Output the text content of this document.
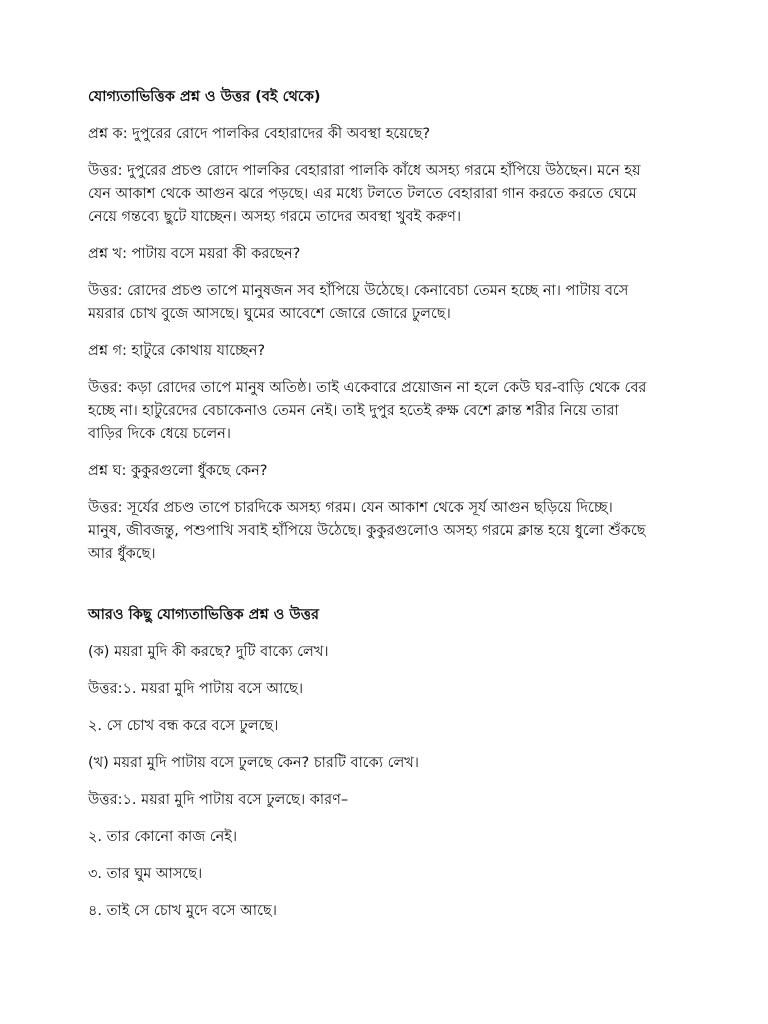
যোগ্যতাভিত্তিক প্রশ্ন ও উত্তর (বই থেকে)

প্রশ্ন ক: দুপুরের রোদে পালকির বেহারাদের কী অবস্থা হয়েছে?

উত্তর: দুপুরের প্রচণ্ড রোদে পালকির বেহারারা পালকি কাঁধে অসহ্য গরমে হাঁপিয়ে উঠছেন। মনে হয়

যেন আকাশ থেকে আগুন ঝরে পড়ছে। এর মধ্যে টলতে টলতে বেহারারা গান করতে করতে ঘেমে

নেয়ে গন্তব্যে ছুটে যাচ্ছেন। অসহ্য গরমে তাদের অবস্থা খুবই করুণ।

প্রশ্ন খ: পাটায় বসে ময়রা কী করছেন?

উত্তর: রোদের প্রচণ্ড তাপে মানুষজন সব হাঁপিয়ে উঠেছে। কেনাবেচা তেমন হচ্ছে না। পাটায় বসে

ময়রার চোখ বুজে আসছে। ঘুমের আবেশে জোরে জোরে ঢুলছে।

প্রশ্ন গ: হাটুরে কোথায় যাচ্ছেন?

উত্তর: কড়া রোদের তাপে মানুষ অতিষ্ঠ। তাই একেবারে প্রয়োজন না হলে কেউ ঘর-বাড়ি থেকে বের

হচ্ছে না। হাটুরেদের বেচাকেনাও তেমন নেই। তাই দুপুর হতেই রুক্ষ বেশে ক্লান্ত শরীর নিয়ে তারা

বাড়ির দিকে ধেয়ে চলেন।

প্রশ্ন ঘ: কুকুরগুলো ধুঁকছে কেন?

উত্তর: সূর্যের প্রচণ্ড তাপে চারদিকে অসহ্য গরম। যেন আকাশ থেকে সূর্য আগুন ছড়িয়ে দিচ্ছে।

মানুষ, জীবজন্তু, পশুপাখি সবাই হাঁপিয়ে উঠেছে। কুকুরগুলোও অসহ্য গরমে ক্লান্ত হয়ে ধুলো শুঁকছে

আর ধুঁকছে।

আরও কিছু যোগ্যতাভিত্তিক প্রশ্ন ও উত্তর

(ক) ময়রা মুদি কী করছে? দুটি বাক্যে লেখ।

উত্তর:১. ময়রা মুদি পাটায় বসে আছে।

২. সে চোখ বন্ধ করে বসে ঢুলছে।

(খ) ময়রা মুদি পাটায় বসে ঢুলছে কেন? চারটি বাক্যে লেখ।

উত্তর:১. ময়রা মুদি পাটায় বসে ঢুলছে। কারণ–

২. তার কোনো কাজ নেই।

৩. তার ঘুম আসছে।

৪. তাই সে চোখ মুদে বসে আছে।
